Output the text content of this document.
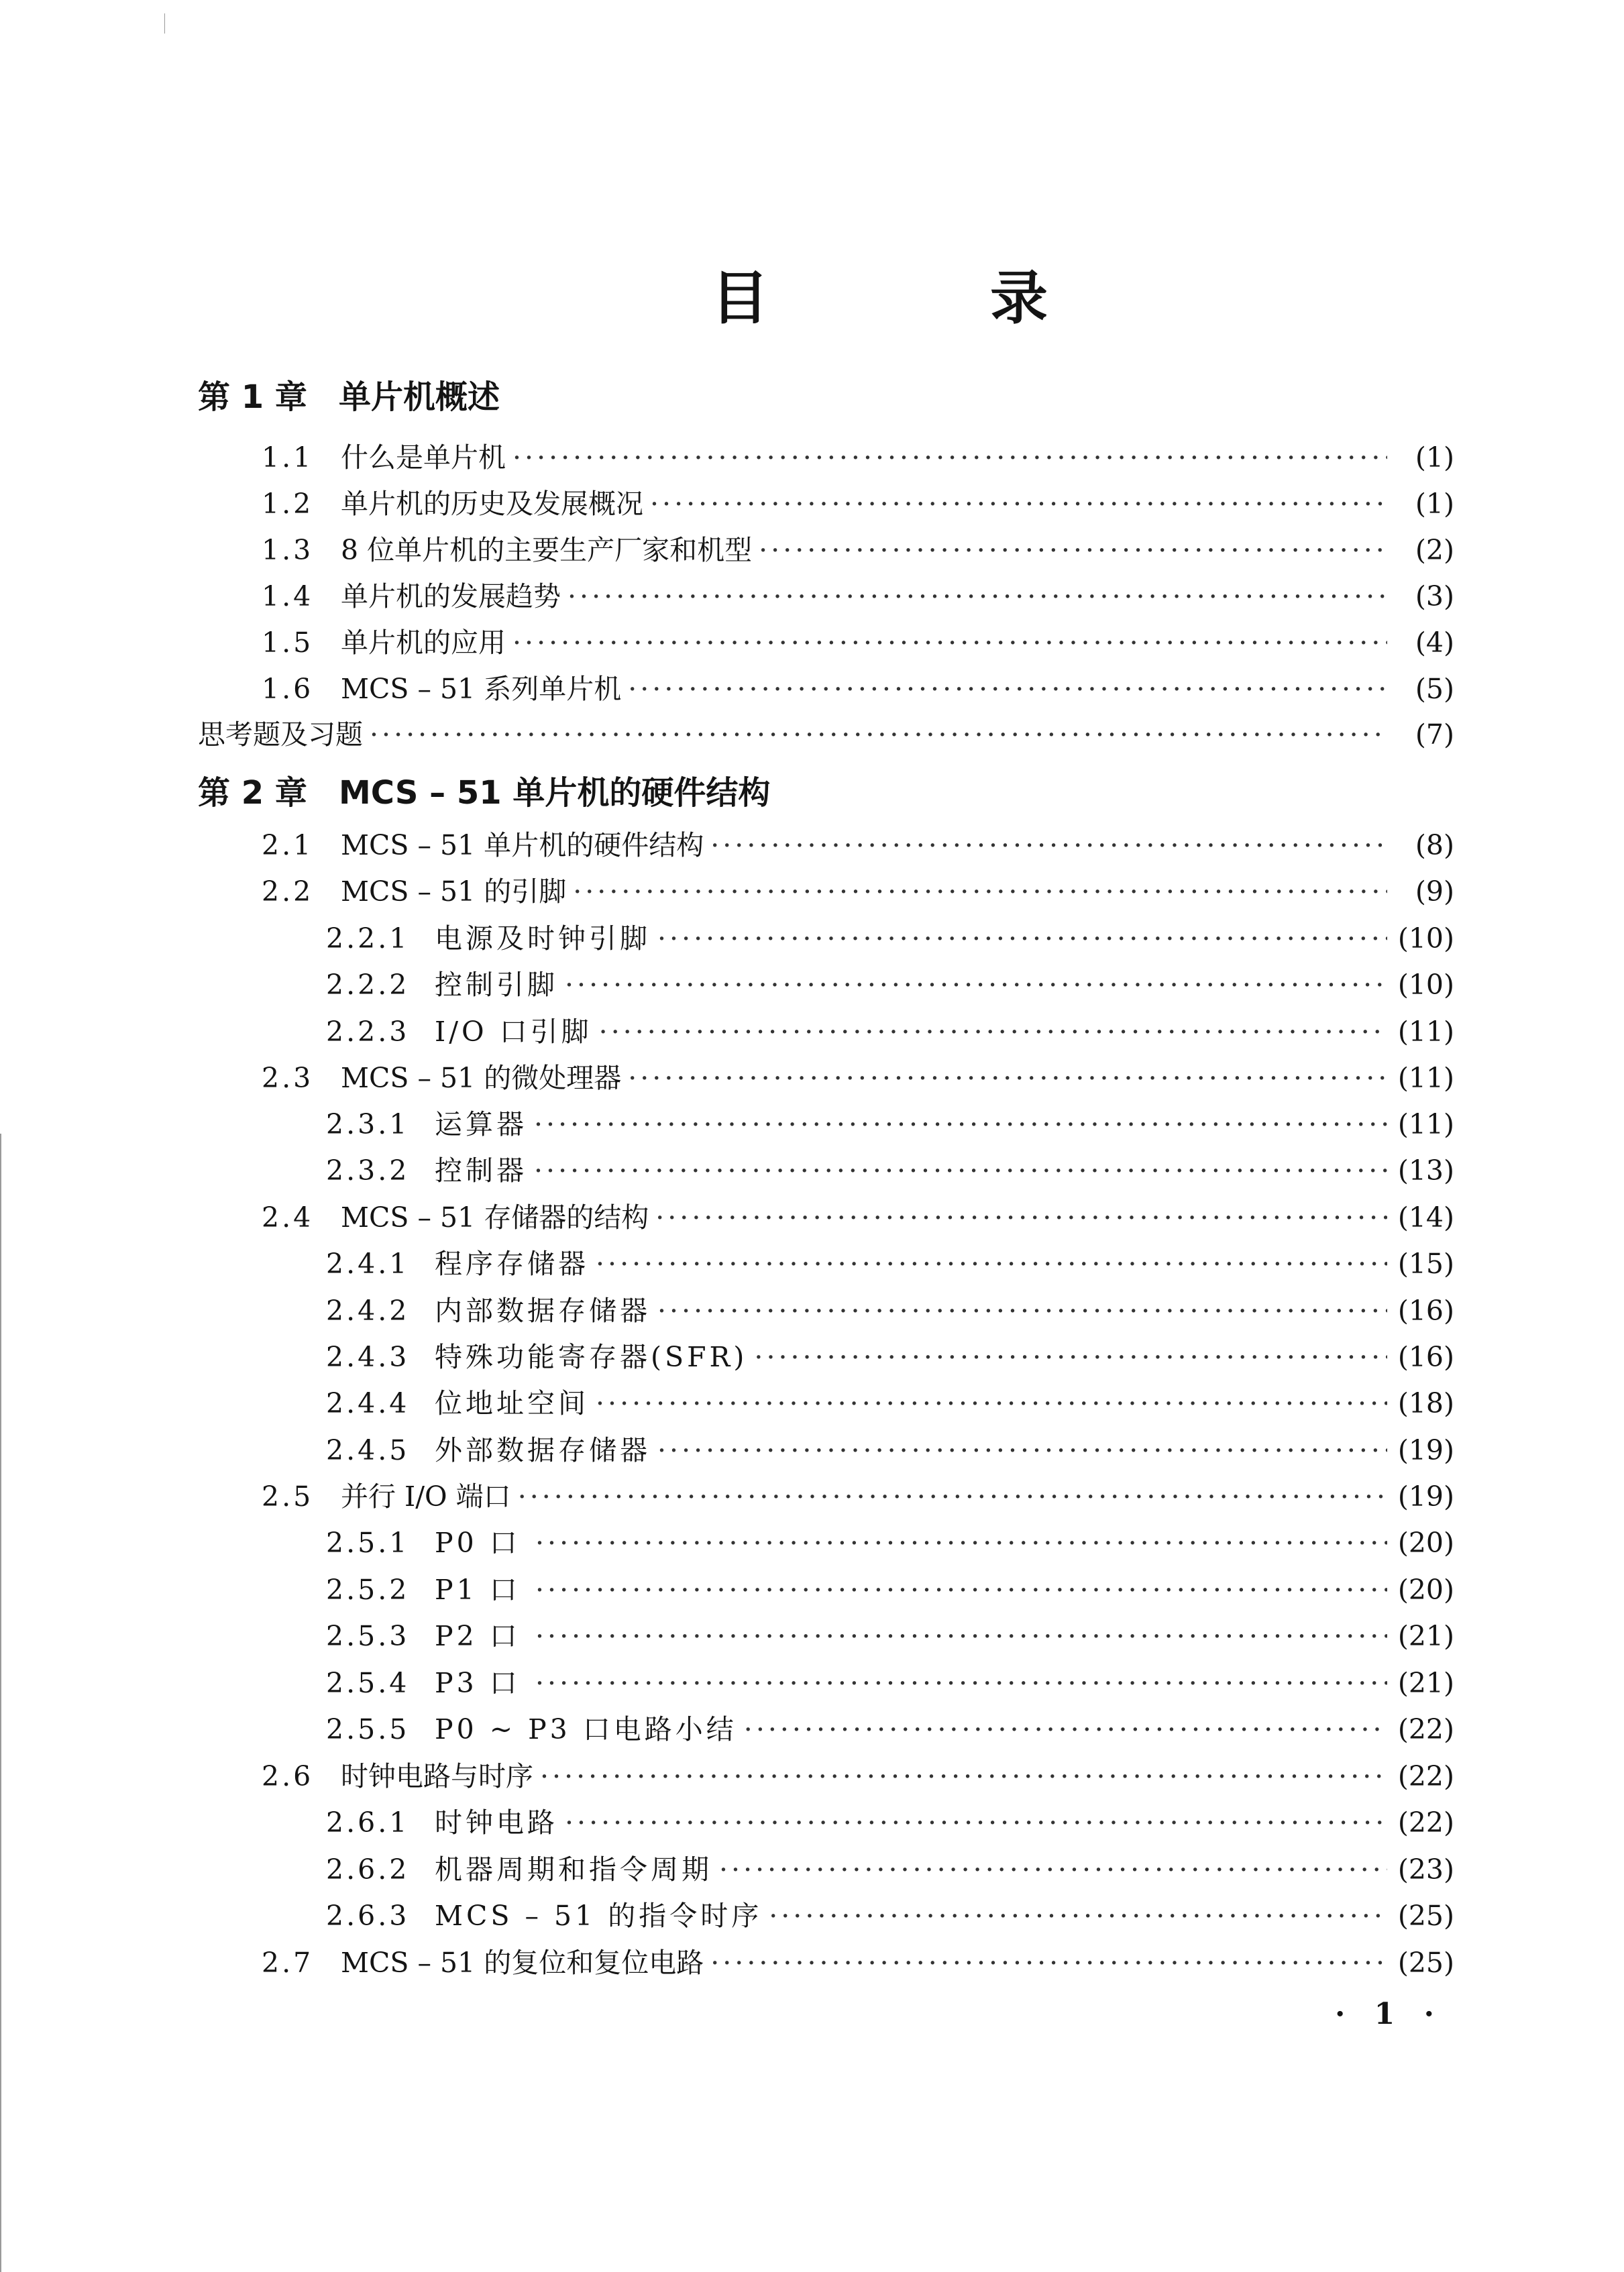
目 录
第 1 章 单片机概述
1.1 什么是单片机 ·····	(1)
1.2 单片机的历史及发展概况 ·····	(1)
1.3 8 位单片机的主要生产厂家和机型 ·····	(2)
1.4 单片机的发展趋势 ·····	(3)
1.5 单片机的应用 ·····	(4)
1.6 MCS – 51 系列单片机 ·····	(5)
思考题及习题 ·····	(7)
第 2 章 MCS – 51 单片机的硬件结构
2.1 MCS – 51 单片机的硬件结构 ·····	(8)
2.2 MCS – 51 的引脚 ·····	(9)
2.2.1 电源及时钟引脚 ·····	(10)
2.2.2 控制引脚 ·····	(10)
2.2.3 I/O 口引脚 ·····	(11)
2.3 MCS – 51 的微处理器 ·····	(11)
2.3.1 运算器 ·····	(11)
2.3.2 控制器 ·····	(13)
2.4 MCS – 51 存储器的结构 ·····	(14)
2.4.1 程序存储器 ·····	(15)
2.4.2 内部数据存储器 ·····	(16)
2.4.3 特殊功能寄存器(SFR) ·····	(16)
2.4.4 位地址空间 ·····	(18)
2.4.5 外部数据存储器 ·····	(19)
2.5 并行 I/O 端口 ·····	(19)
2.5.1 P0 口 ·····	(20)
2.5.2 P1 口 ·····	(20)
2.5.3 P2 口 ·····	(21)
2.5.4 P3 口 ·····	(21)
2.5.5 P0 ~ P3 口电路小结 ·····	(22)
2.6 时钟电路与时序 ·····	(22)
2.6.1 时钟电路 ·····	(22)
2.6.2 机器周期和指令周期 ·····	(23)
2.6.3 MCS – 51 的指令时序 ·····	(25)
2.7 MCS – 51 的复位和复位电路 ·····	(25)
· 1 ·
